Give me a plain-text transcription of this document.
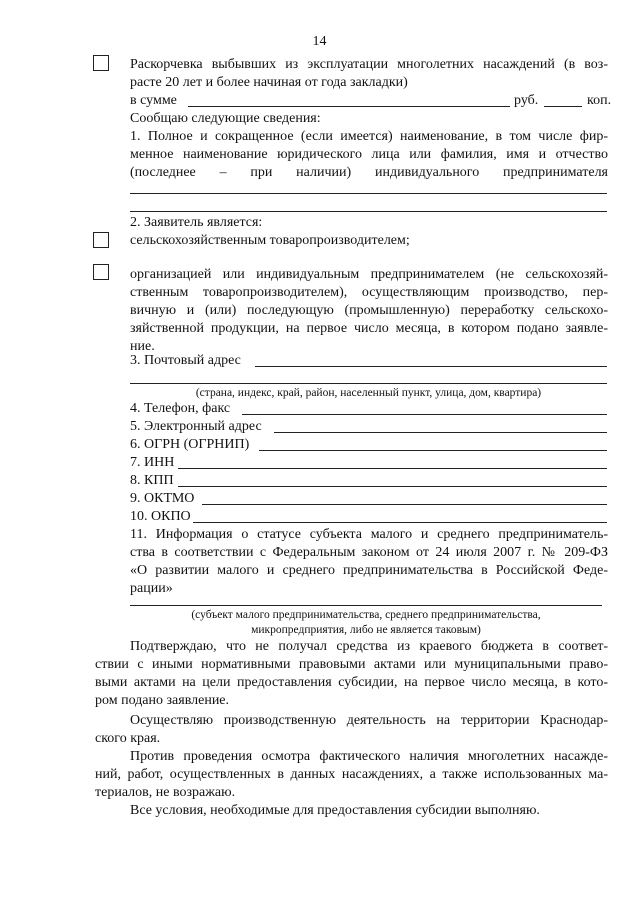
14
Раскорчевка выбывших из эксплуатации многолетних насаждений (в воз-
расте 20 лет и более начиная от года закладки)
в сумме	руб.	коп.
Сообщаю следующие сведения:
1. Полное и сокращенное (если имеется) наименование, в том числе фир-
менное наименование юридического лица или фамилия, имя и отчество
(последнее – при наличии) индивидуального предпринимателя
2. Заявитель является:
сельскохозяйственным товаропроизводителем;
организацией или индивидуальным предпринимателем (не сельскохозяй-
ственным товаропроизводителем), осуществляющим производство, пер-
вичную и (или) последующую (промышленную) переработку сельскохо-
зяйственной продукции, на первое число месяца, в котором подано заявле-
ние.
3. Почтовый адрес
(страна, индекс, край, район, населенный пункт, улица, дом, квартира)
4. Телефон, факс
5. Электронный адрес
6. ОГРН (ОГРНИП)
7. ИНН
8. КПП
9. ОКТМО
10. ОКПО
11. Информация о статусе субъекта малого и среднего предприниматель-
ства в соответствии с Федеральным законом от 24 июля 2007 г. № 209-ФЗ
«О развитии малого и среднего предпринимательства в Российской Феде-
рации»
(субъект малого предпринимательства, среднего предпринимательства,
микропредприятия, либо не является таковым)
Подтверждаю, что не получал средства из краевого бюджета в соответ-
ствии с иными нормативными правовыми актами или муниципальными право-
выми актами на цели предоставления субсидии, на первое число месяца, в кото-
ром подано заявление.
Осуществляю производственную деятельность на территории Краснодар-
ского края.
Против проведения осмотра фактического наличия многолетних насажде-
ний, работ, осуществленных в данных насаждениях, а также использованных ма-
териалов, не возражаю.
Все условия, необходимые для предоставления субсидии выполняю.
